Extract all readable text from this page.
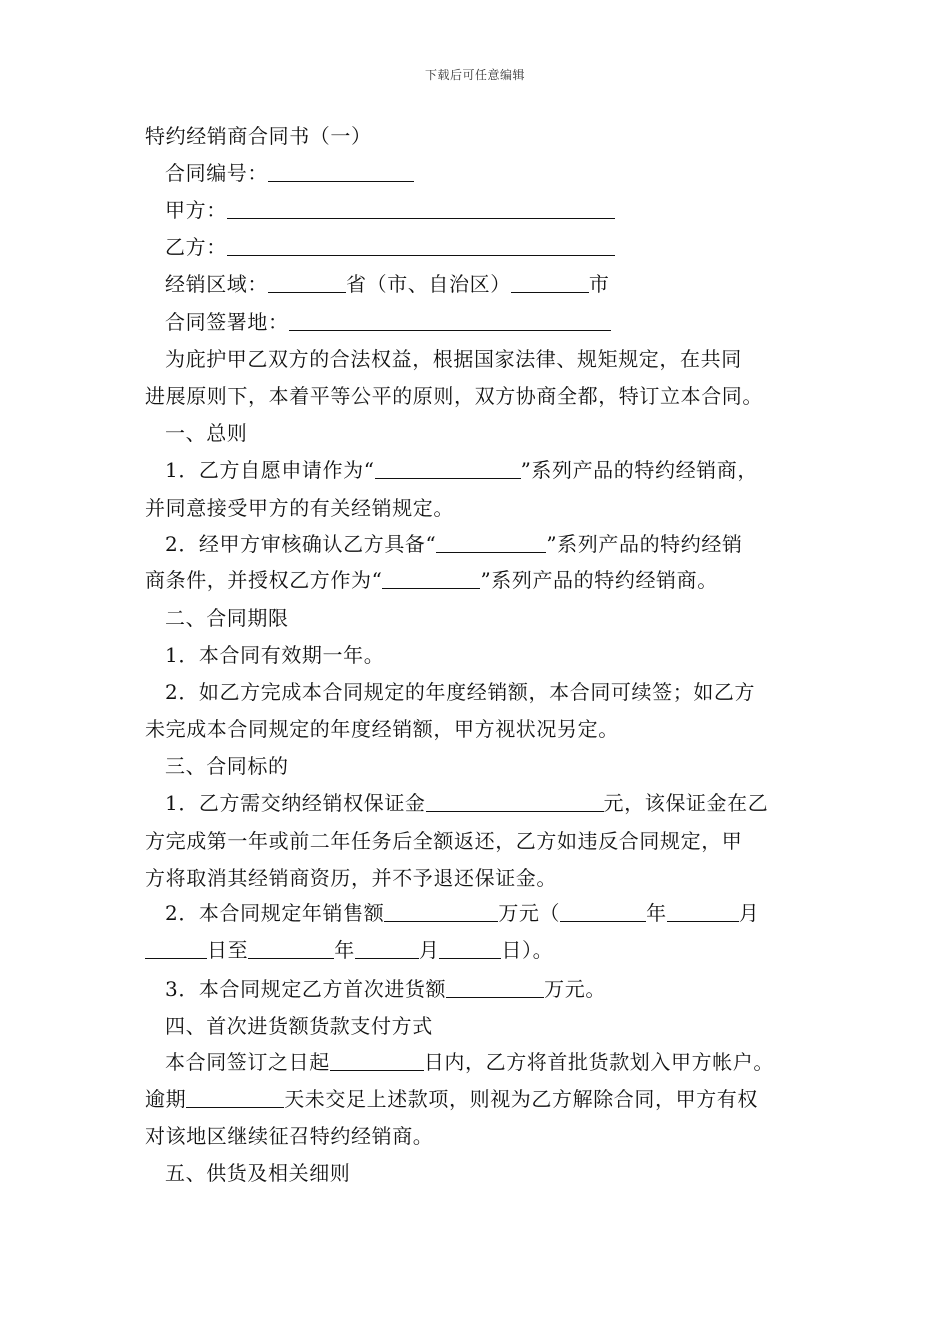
下载后可任意编辑
特约经销商合同书（一）
合同编号：
甲方：
乙方：
经销区域：	省（市、自治区）	市
合同签署地：
为庇护甲乙双方的合法权益，根据国家法律、规矩规定，在共同
进展原则下，本着平等公平的原则，双方协商全都，特订立本合同。
一、总则
1．乙方自愿申请作为“	”系列产品的特约经销商，
并同意接受甲方的有关经销规定。
2．经甲方审核确认乙方具备“	”系列产品的特约经销
商条件，并授权乙方作为“	”系列产品的特约经销商。
二、合同期限
1．本合同有效期一年。
2．如乙方完成本合同规定的年度经销额，本合同可续签；如乙方
未完成本合同规定的年度经销额，甲方视状况另定。
三、合同标的
1．乙方需交纳经销权保证金	元，该保证金在乙
方完成第一年或前二年任务后全额返还，乙方如违反合同规定，甲
方将取消其经销商资历，并不予退还保证金。
2．本合同规定年销售额	万元（	年	月
日至	年	月	日）。
3．本合同规定乙方首次进货额	万元。
四、首次进货额货款支付方式
本合同签订之日起	日内，乙方将首批货款划入甲方帐户。
逾期	天未交足上述款项，则视为乙方解除合同，甲方有权
对该地区继续征召特约经销商。
五、供货及相关细则
